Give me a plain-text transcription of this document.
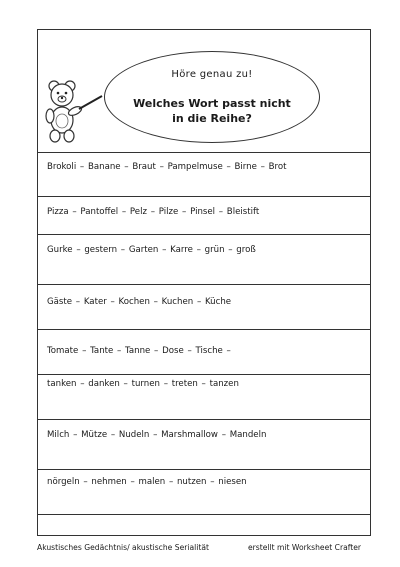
Höre genau zu!
Welches Wort passt nicht
in die Reihe?
Brokoli – Banane – Braut – Pampelmuse – Birne – Brot
Pizza – Pantoffel – Pelz – Pilze – Pinsel – Bleistift
Gurke – gestern – Garten – Karre – grün – groß
Gäste – Kater – Kochen – Kuchen – Küche
Tomate – Tante – Tanne – Dose – Tische –
tanken – danken – turnen – treten – tanzen
Milch – Mütze – Nudeln – Marshmallow – Mandeln
nörgeln – nehmen – malen – nutzen – niesen
Akustisches Gedächtnis/ akustische Serialität	erstellt mit Worksheet Crafter
